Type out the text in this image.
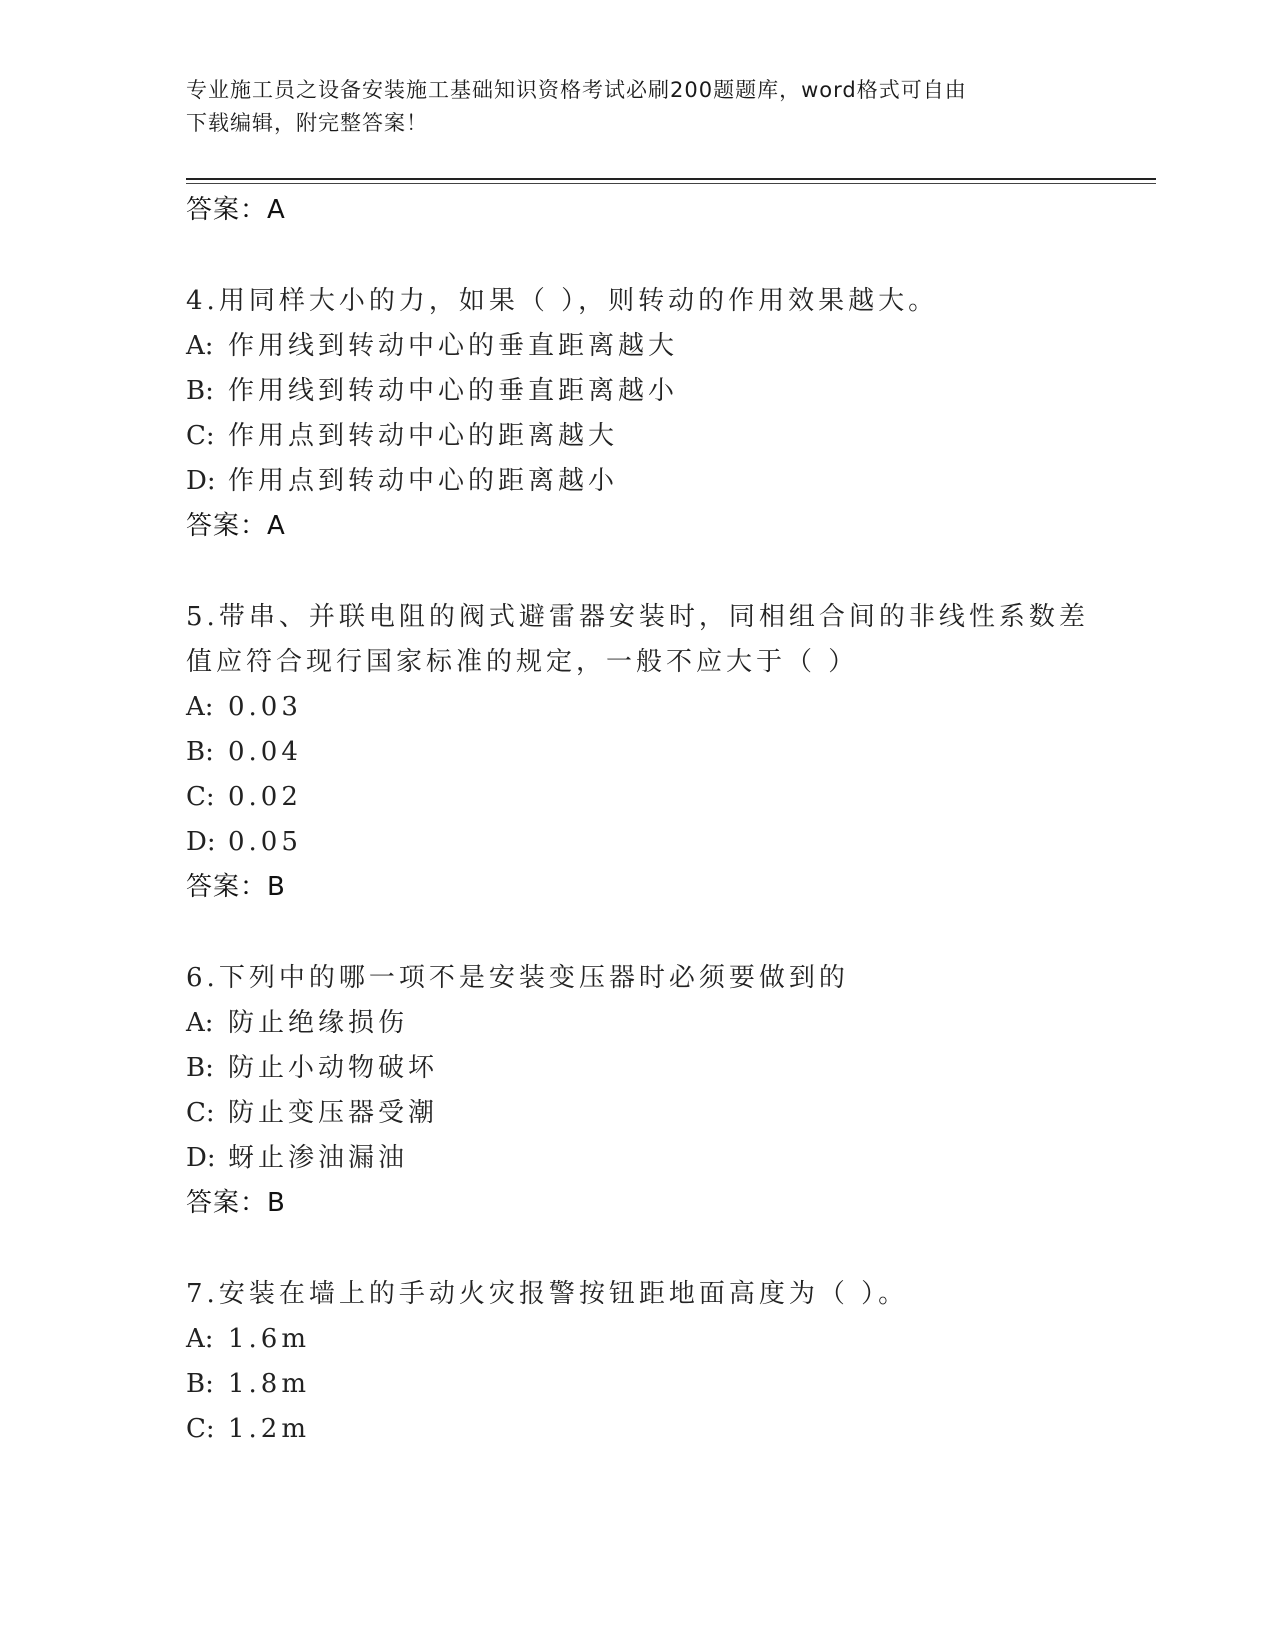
专业施工员之设备安装施工基础知识资格考试必刷200题题库，word格式可自由
下载编辑，附完整答案！
答案：A
4.用同样大小的力，如果（ ），则转动的作用效果越大。
A: 作用线到转动中心的垂直距离越大
B: 作用线到转动中心的垂直距离越小
C: 作用点到转动中心的距离越大
D: 作用点到转动中心的距离越小
答案：A
5.带串、并联电阻的阀式避雷器安装时，同相组合间的非线性系数差
值应符合现行国家标准的规定，一般不应大于（ ）
A: 0.03
B: 0.04
C: 0.02
D: 0.05
答案：B
6.下列中的哪一项不是安装变压器时必须要做到的
A: 防止绝缘损伤
B: 防止小动物破坏
C: 防止变压器受潮
D: 蚜止渗油漏油
答案：B
7.安装在墙上的手动火灾报警按钮距地面高度为（ ）。
A: 1.6m
B: 1.8m
C: 1.2m
